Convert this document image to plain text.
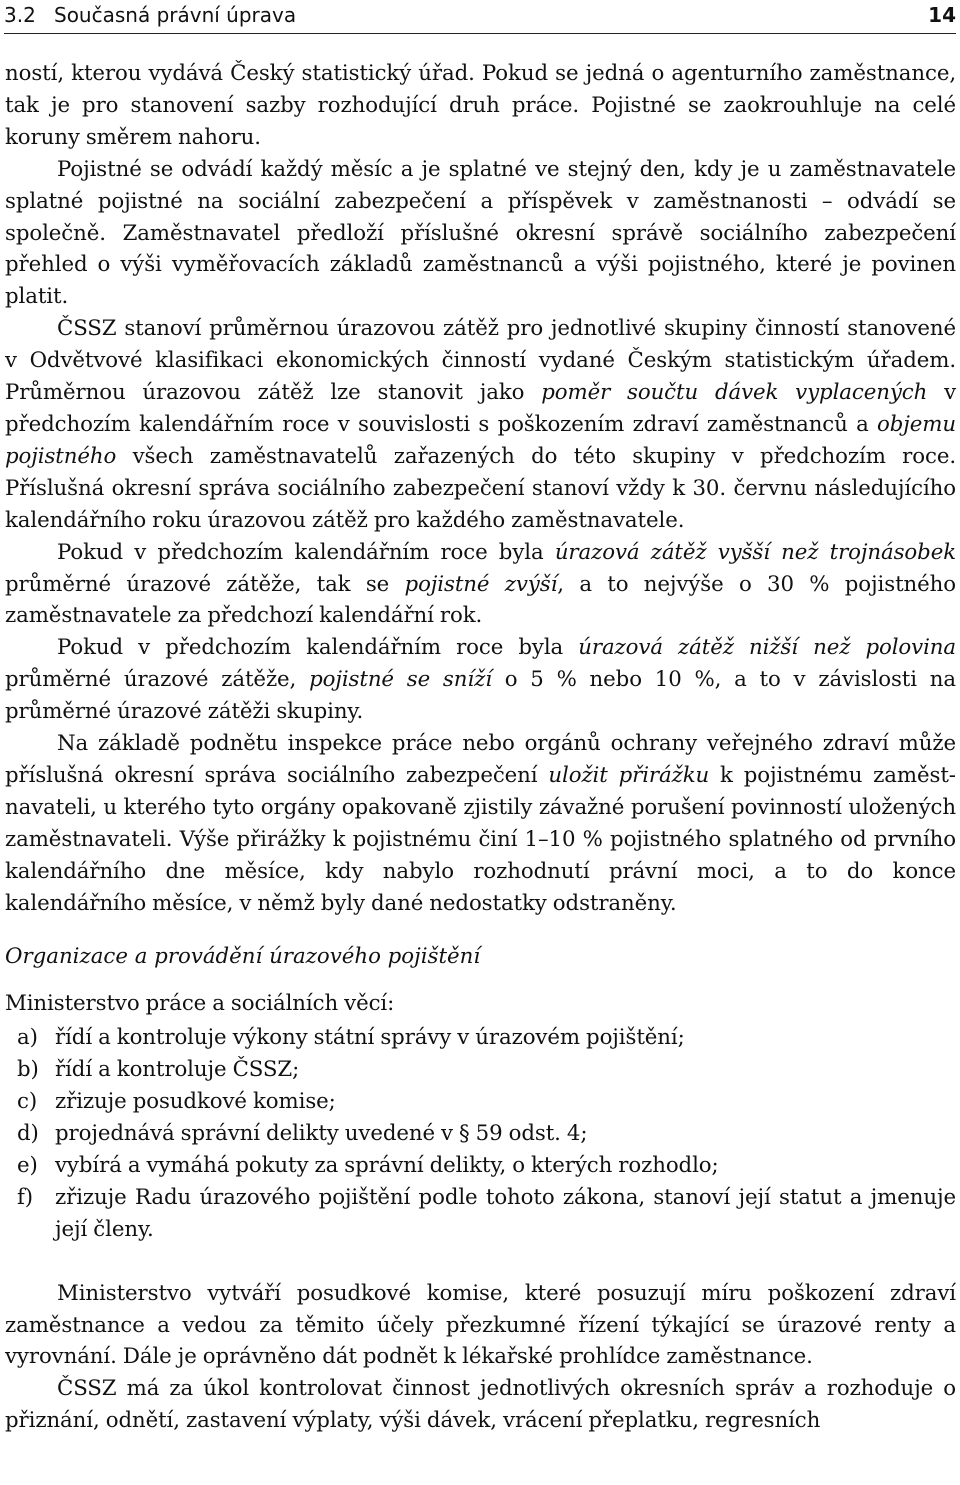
3.2 Současná právní úprava	14

ností, kterou vydává Český statistický úřad. Pokud se jedná o agenturního zaměstnance, tak je pro stanovení sazby rozhodující druh práce. Pojistné se zaokrouhluje na celé koruny směrem nahoru.

Pojistné se odvádí každý měsíc a je splatné ve stejný den, kdy je u zaměstnavatele splatné pojistné na sociální zabezpečení a příspěvek v zaměstnanosti – odvádí se společně. Zaměstnavatel předloží příslušné okresní správě sociálního zabezpečení přehled o výši vyměřovacích základů zaměstnanců a výši pojistného, které je povinen platit.

ČSSZ stanoví průměrnou úrazovou zátěž pro jednotlivé skupiny činností stanovené v Odvětvové klasifikaci ekonomických činností vydané Českým statistickým úřadem. Průměrnou úrazovou zátěž lze stanovit jako poměr součtu dávek vyplacených v předchozím kalendářním roce v souvislosti s poškozením zdraví zaměstnanců a objemu pojistného všech zaměstnavatelů zařazených do této skupiny v předchozím roce. Příslušná okresní správa sociálního zabezpečení stanoví vždy k 30. červnu následujícího kalendářního roku úrazovou zátěž pro každého zaměstnavatele.

Pokud v předchozím kalendářním roce byla úrazová zátěž vyšší než trojnásobek průměrné úrazové zátěže, tak se pojistné zvýší, a to nejvýše o 30 % pojistného zaměstnavatele za předchozí kalendářní rok.

Pokud v předchozím kalendářním roce byla úrazová zátěž nižší než polovina průměrné úrazové zátěže, pojistné se sníží o 5 % nebo 10 %, a to v závislosti na průměrné úrazové zátěži skupiny.

Na základě podnětu inspekce práce nebo orgánů ochrany veřejného zdraví může příslušná okresní správa sociálního zabezpečení uložit přirážku k pojistnému zaměstnavateli, u kterého tyto orgány opakovaně zjistily závažné porušení povinností uložených zaměstnavateli. Výše přirážky k pojistnému činí 1–10 % pojistného splatného od prvního kalendářního dne měsíce, kdy nabylo rozhodnutí právní moci, a to do konce kalendářního měsíce, v němž byly dané nedostatky odstraněny.

Organizace a provádění úrazového pojištění

Ministerstvo práce a sociálních věcí:

a) řídí a kontroluje výkony státní správy v úrazovém pojištění;
b) řídí a kontroluje ČSSZ;
c) zřizuje posudkové komise;
d) projednává správní delikty uvedené v § 59 odst. 4;
e) vybírá a vymáhá pokuty za správní delikty, o kterých rozhodlo;
f) zřizuje Radu úrazového pojištění podle tohoto zákona, stanoví její statut a jmenuje její členy.

Ministerstvo vytváří posudkové komise, které posuzují míru poškození zdraví zaměstnance a vedou za těmito účely přezkumné řízení týkající se úrazové renty a vyrovnání. Dále je oprávněno dát podnět k lékařské prohlídce zaměstnance.

ČSSZ má za úkol kontrolovat činnost jednotlivých okresních správ a rozhoduje o přiznání, odnětí, zastavení výplaty, výši dávek, vrácení přeplatku, regresních
